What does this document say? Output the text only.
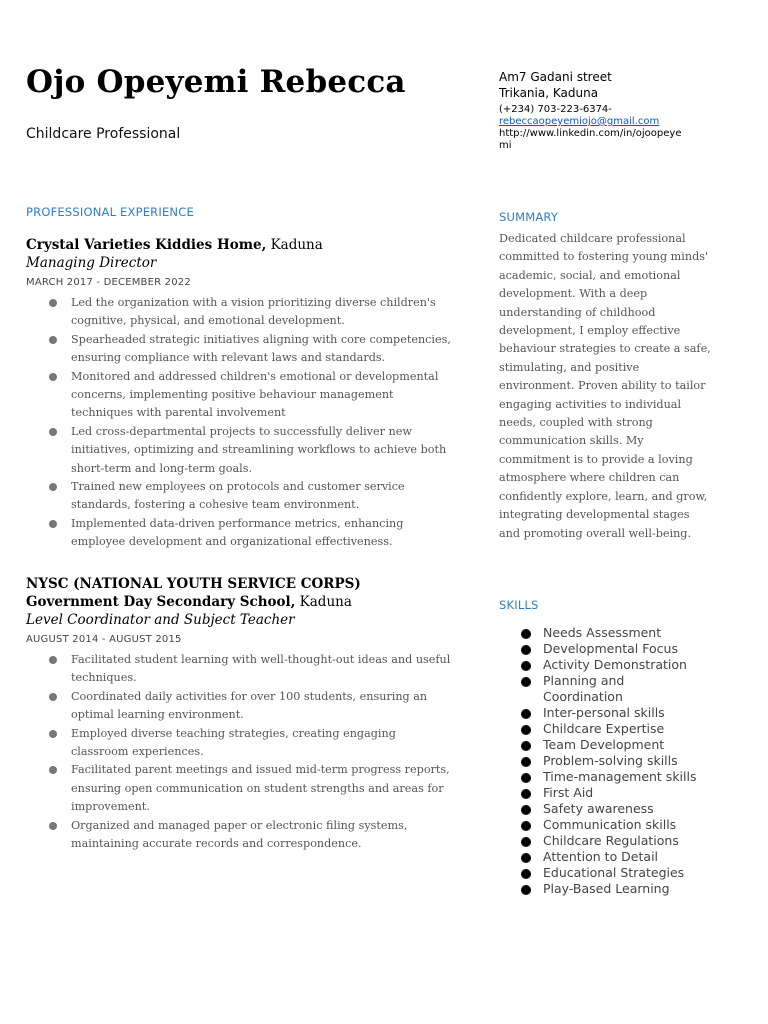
Ojo Opeyemi Rebecca
Childcare Professional
Am7 Gadani street
Trikania, Kaduna
(+234) 703-223-6374-
rebeccaopeyemiojo@gmail.com
http://www.linkedin.com/in/ojoopeyemi
PROFESSIONAL EXPERIENCE
Crystal Varieties Kiddies Home, Kaduna
Managing Director
MARCH 2017 - DECEMBER 2022
Led the organization with a vision prioritizing diverse children's cognitive, physical, and emotional development.
Spearheaded strategic initiatives aligning with core competencies, ensuring compliance with relevant laws and standards.
Monitored and addressed children's emotional or developmental concerns, implementing positive behaviour management techniques with parental involvement
Led cross-departmental projects to successfully deliver new initiatives, optimizing and streamlining workflows to achieve both short-term and long-term goals.
Trained new employees on protocols and customer service standards, fostering a cohesive team environment.
Implemented data-driven performance metrics, enhancing employee development and organizational effectiveness.
NYSC (NATIONAL YOUTH SERVICE CORPS)
Government Day Secondary School, Kaduna
Level Coordinator and Subject Teacher
AUGUST 2014 - AUGUST 2015
Facilitated student learning with well-thought-out ideas and useful techniques.
Coordinated daily activities for over 100 students, ensuring an optimal learning environment.
Employed diverse teaching strategies, creating engaging classroom experiences.
Facilitated parent meetings and issued mid-term progress reports, ensuring open communication on student strengths and areas for improvement.
Organized and managed paper or electronic filing systems, maintaining accurate records and correspondence.
SUMMARY
Dedicated childcare professional committed to fostering young minds' academic, social, and emotional development. With a deep understanding of childhood development, I employ effective behaviour strategies to create a safe, stimulating, and positive environment. Proven ability to tailor engaging activities to individual needs, coupled with strong communication skills. My commitment is to provide a loving atmosphere where children can confidently explore, learn, and grow, integrating developmental stages and promoting overall well-being.
SKILLS
Needs Assessment
Developmental Focus
Activity Demonstration
Planning and Coordination
Inter-personal skills
Childcare Expertise
Team Development
Problem-solving skills
Time-management skills
First Aid
Safety awareness
Communication skills
Childcare Regulations
Attention to Detail
Educational Strategies
Play-Based Learning
